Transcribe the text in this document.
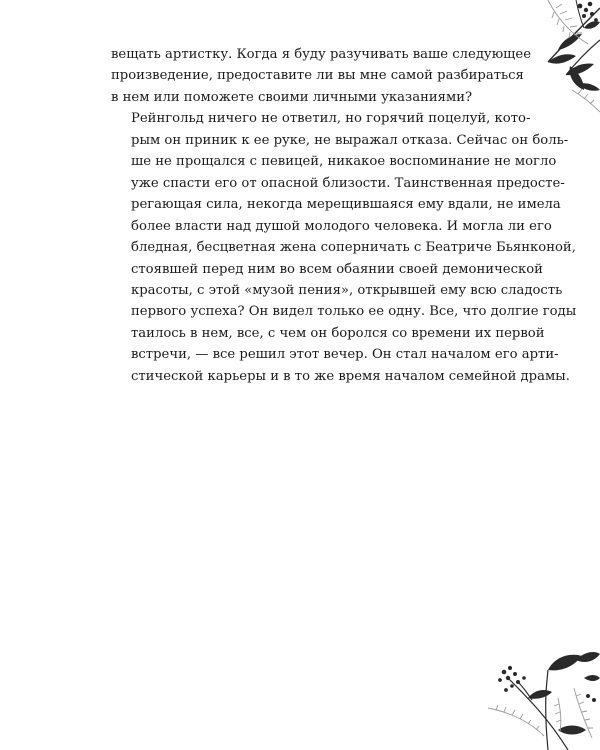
вещать артистку. Когда я буду разучивать ваше следующее
произведение, предоставите ли вы мне самой разбираться
в нем или поможете своими личными указаниями?

Рейнгольд ничего не ответил, но горячий поцелуй, кото-
рым он приник к ее руке, не выражал отказа. Сейчас он боль-
ше не прощался с певицей, никакое воспоминание не могло
уже спасти его от опасной близости. Таинственная предосте-
регающая сила, некогда мерещившаяся ему вдали, не имела
более власти над душой молодого человека. И могла ли его
бледная, бесцветная жена соперничать с Беатриче Бьянконой,
стоявшей перед ним во всем обаянии своей демонической
красоты, с этой «музой пения», открывшей ему всю сладость
первого успеха? Он видел только ее одну. Все, что долгие годы
таилось в нем, все, с чем он боролся со времени их первой
встречи, — все решил этот вечер. Он стал началом его арти-
стической карьеры и в то же время началом семейной драмы.
